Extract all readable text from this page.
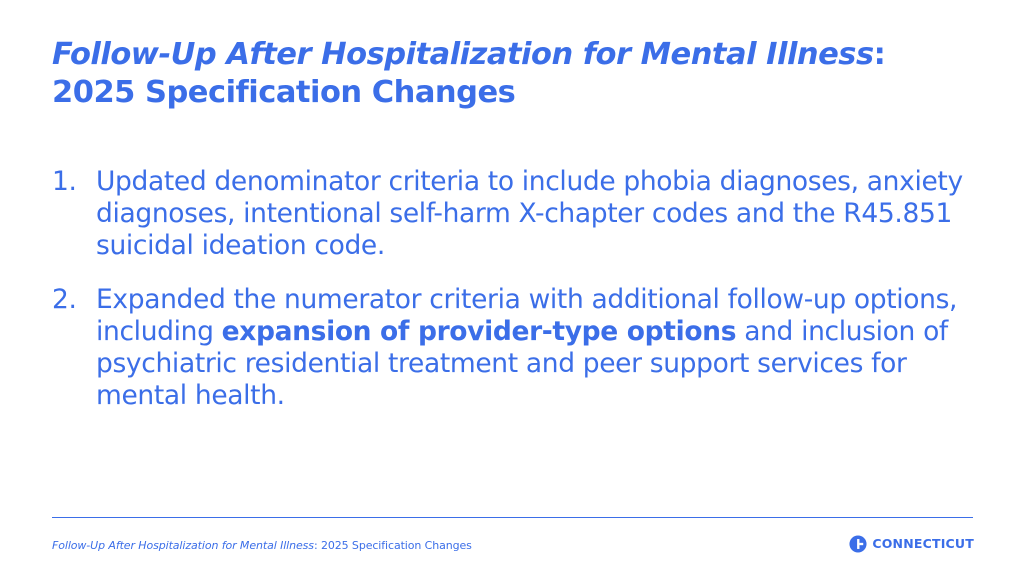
Follow-Up After Hospitalization for Mental Illness:
2025 Specification Changes
1. Updated denominator criteria to include phobia diagnoses, anxiety diagnoses, intentional self-harm X-chapter codes and the R45.851 suicidal ideation code.
2. Expanded the numerator criteria with additional follow-up options, including expansion of provider-type options and inclusion of psychiatric residential treatment and peer support services for mental health.
Follow-Up After Hospitalization for Mental Illness: 2025 Specification Changes	CONNECTICUT
